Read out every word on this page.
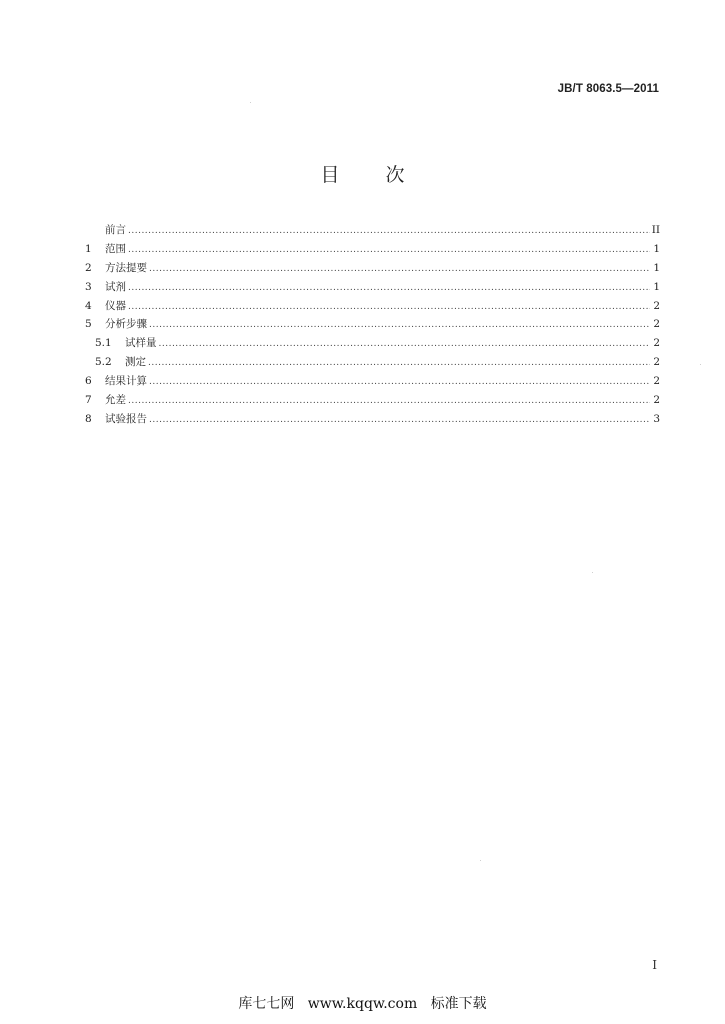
JB/T 8063.5—2011
目 次
前言 .....	II
1	范围 .....	1
2	方法提要 .....	1
3	试剂 .....	1
4	仪器 .....	2
5	分析步骤 .....	2
5.1	试样量 .....	2
5.2	测定 .....	2
6	结果计算 .....	2
7	允差 .....	2
8	试验报告 .....	3
I
库七七网   www.kqqw.com   标准下载
